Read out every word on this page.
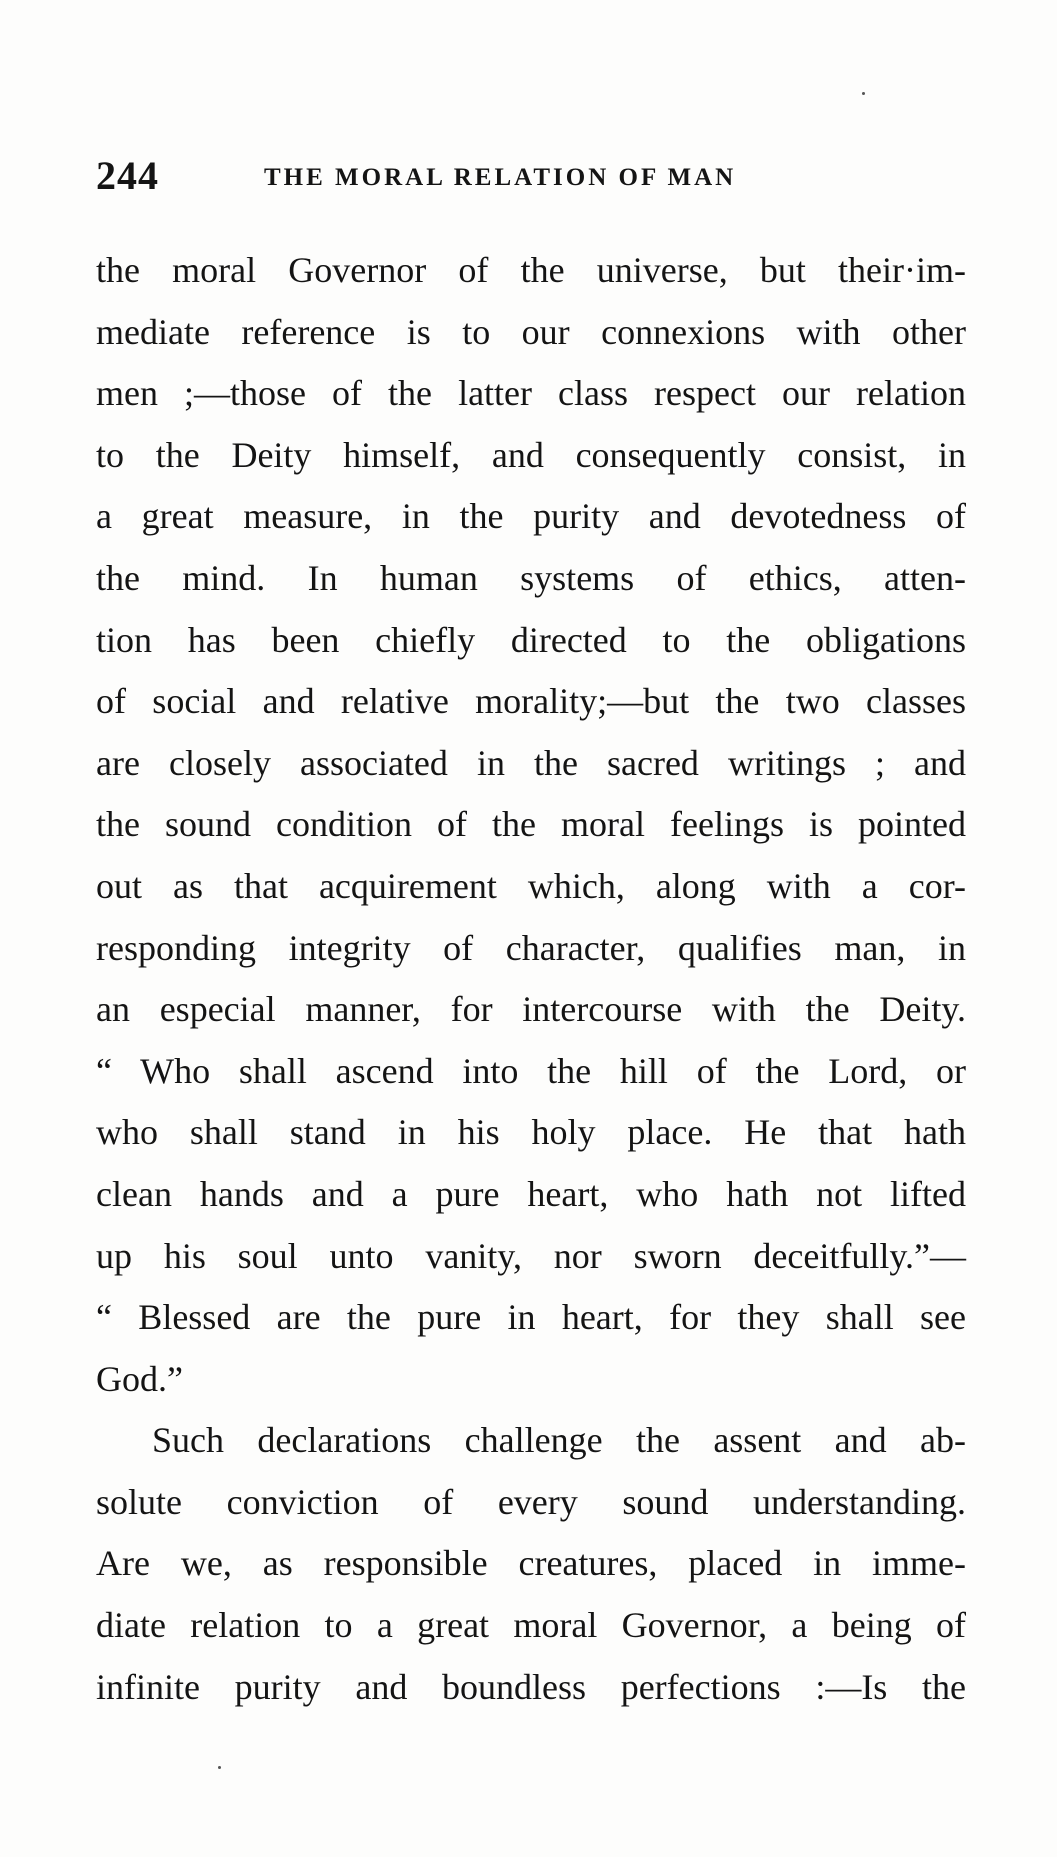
244	THE MORAL RELATION OF MAN
the moral Governor of the universe, but their·im-
mediate reference is to our connexions with other
men ;—those of the latter class respect our relation
to the Deity himself, and consequently consist, in
a great measure, in the purity and devotedness of
the mind. In human systems of ethics, atten-
tion has been chiefly directed to the obligations
of social and relative morality;—but the two classes
are closely associated in the sacred writings ; and
the sound condition of the moral feelings is pointed
out as that acquirement which, along with a cor-
responding integrity of character, qualifies man, in
an especial manner, for intercourse with the Deity.
“ Who shall ascend into the hill of the Lord, or
who shall stand in his holy place. He that hath
clean hands and a pure heart, who hath not lifted
up his soul unto vanity, nor sworn deceitfully.”—
“ Blessed are the pure in heart, for they shall see
God.”
Such declarations challenge the assent and ab-
solute conviction of every sound understanding.
Are we, as responsible creatures, placed in imme-
diate relation to a great moral Governor, a being of
infinite purity and boundless perfections :—Is the
